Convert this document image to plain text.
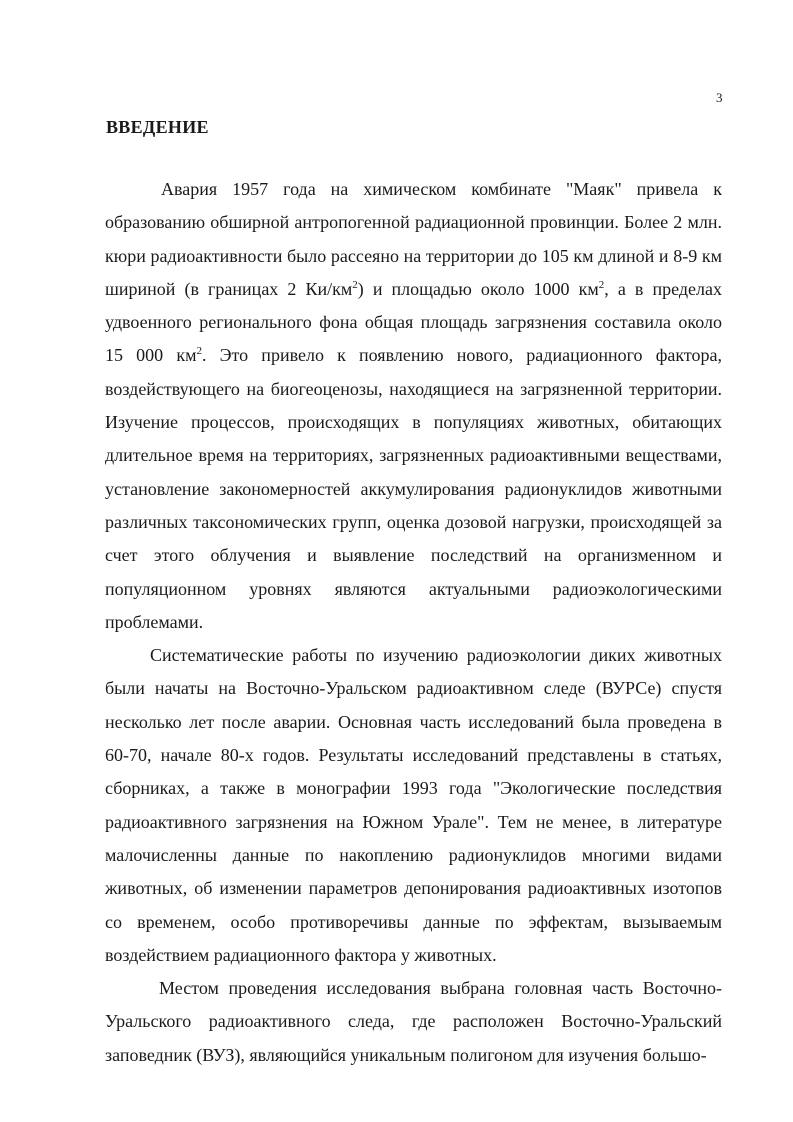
3
ВВЕДЕНИЕ

Авария 1957 года на химическом комбинате "Маяк" привела к образованию обширной антропогенной радиационной провинции. Более 2 млн. кюри радиоактивности было рассеяно на территории до 105 км длиной и 8-9 км шириной (в границах 2 $Ки/км^2$) и площадью около 1000 $км^2$, а в пределах удвоенного регионального фона общая площадь загрязнения составила около 15 000 $км^2$. Это привело к появлению нового, радиационного фактора, воздействующего на биогеоценозы, находящиеся на загрязненной территории. Изучение процессов, происходящих в популяциях животных, обитающих длительное время на территориях, загрязненных радиоактивными веществами, установление закономерностей аккумулирования радионуклидов животными различных таксономических групп, оценка дозовой нагрузки, происходящей за счет этого облучения и выявление последствий на организменном и популяционном уровнях являются актуальными радиоэкологическими проблемами.

Систематические работы по изучению радиоэкологии диких животных были начаты на Восточно-Уральском радиоактивном следе (ВУРСе) спустя несколько лет после аварии. Основная часть исследований была проведена в 60-70, начале 80-х годов. Результаты исследований представлены в статьях, сборниках, а также в монографии 1993 года "Экологические последствия радиоактивного загрязнения на Южном Урале". Тем не менее, в литературе малочисленны данные по накоплению радионуклидов многими видами животных, об изменении параметров депонирования радиоактивных изотопов со временем, особо противоречивы данные по эффектам, вызываемым воздействием радиационного фактора у животных.

Местом проведения исследования выбрана головная часть Восточно-Уральского радиоактивного следа, где расположен Восточно-Уральский заповедник (ВУЗ), являющийся уникальным полигоном для изучения большо-
